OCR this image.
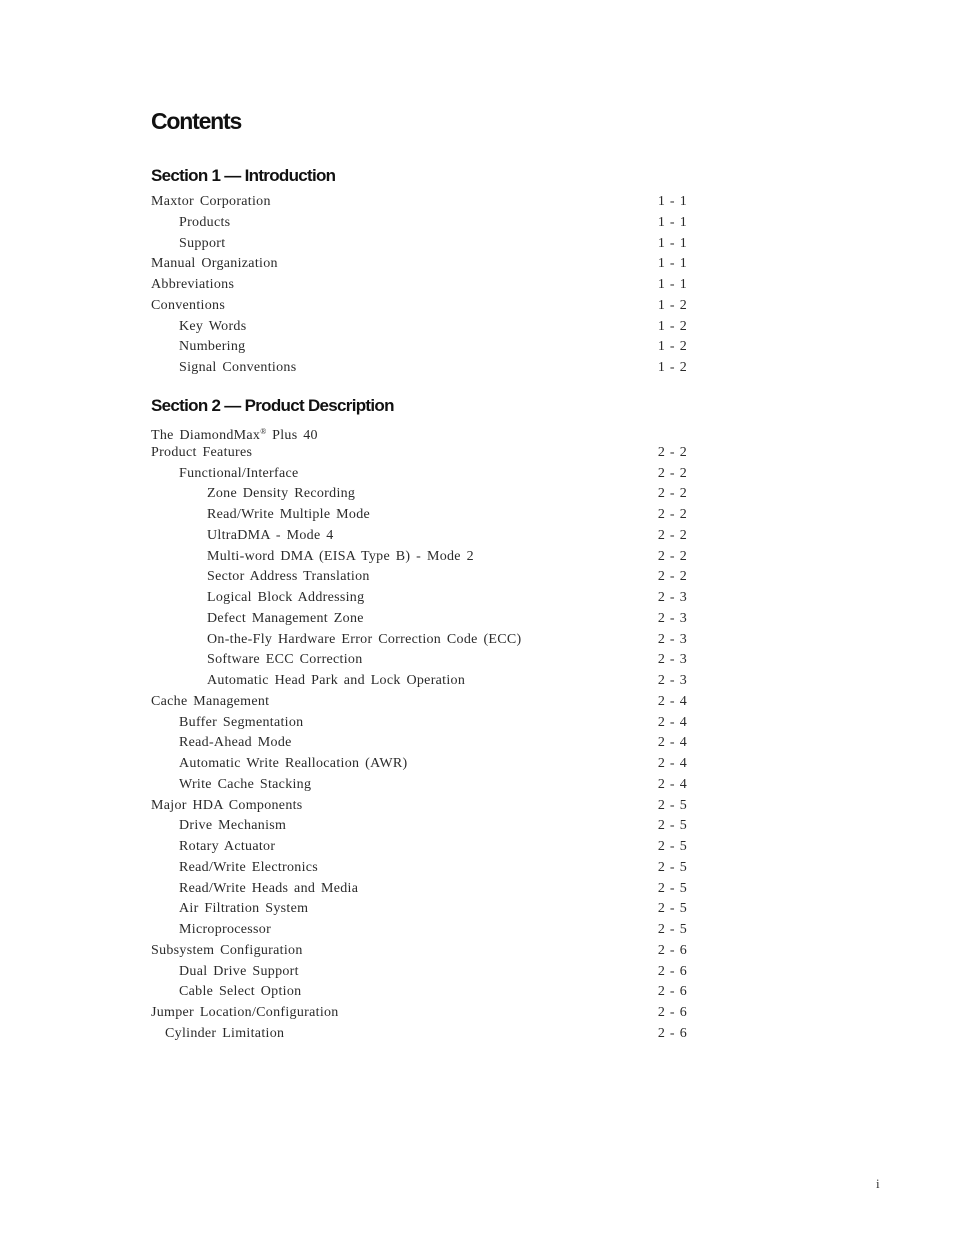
Contents
Section 1 — Introduction
Maxtor Corporation	1 - 1
Products	1 - 1
Support	1 - 1
Manual Organization	1 - 1
Abbreviations	1 - 1
Conventions	1 - 2
Key Words	1 - 2
Numbering	1 - 2
Signal Conventions	1 - 2
Section 2 — Product Description
The DiamondMax® Plus 40
Product Features	2 - 2
Functional/Interface	2 - 2
Zone Density Recording	2 - 2
Read/Write Multiple Mode	2 - 2
UltraDMA - Mode 4	2 - 2
Multi-word DMA (EISA Type B) - Mode 2	2 - 2
Sector Address Translation	2 - 2
Logical Block Addressing	2 - 3
Defect Management Zone	2 - 3
On-the-Fly Hardware Error Correction Code (ECC)	2 - 3
Software ECC Correction	2 - 3
Automatic Head Park and Lock Operation	2 - 3
Cache Management	2 - 4
Buffer Segmentation	2 - 4
Read-Ahead Mode	2 - 4
Automatic Write Reallocation (AWR)	2 - 4
Write Cache Stacking	2 - 4
Major HDA Components	2 - 5
Drive Mechanism	2 - 5
Rotary Actuator	2 - 5
Read/Write Electronics	2 - 5
Read/Write Heads and Media	2 - 5
Air Filtration System	2 - 5
Microprocessor	2 - 5
Subsystem Configuration	2 - 6
Dual Drive Support	2 - 6
Cable Select Option	2 - 6
Jumper Location/Configuration	2 - 6
Cylinder Limitation	2 - 6
i
